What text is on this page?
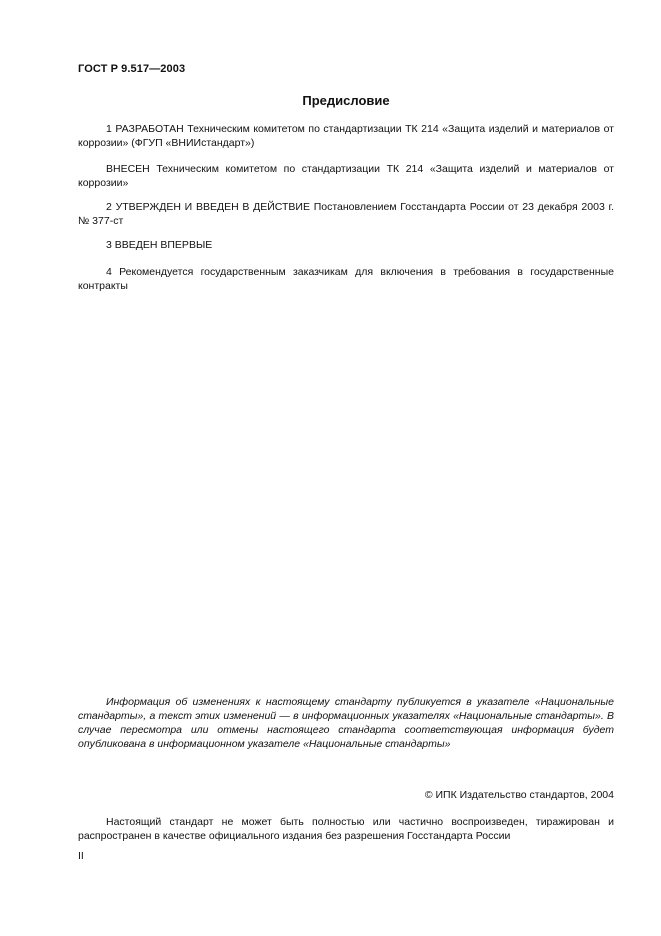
ГОСТ Р 9.517—2003
Предисловие

1 РАЗРАБОТАН Техническим комитетом по стандартизации ТК 214 «Защита изделий и материалов от коррозии» (ФГУП «ВНИИстандарт»)

ВНЕСЕН Техническим комитетом по стандартизации ТК 214 «Защита изделий и материалов от коррозии»

2 УТВЕРЖДЕН И ВВЕДЕН В ДЕЙСТВИЕ Постановлением Госстандарта России от 23 декабря 2003 г. № 377-ст

3 ВВЕДЕН ВПЕРВЫЕ

4 Рекомендуется государственным заказчикам для включения в требования в государственные контракты

Информация об изменениях к настоящему стандарту публикуется в указателе «Национальные стандарты», а текст этих изменений — в информационных указателях «Национальные стандарты». В случае пересмотра или отмены настоящего стандарта соответствующая информация будет опубликована в информационном указателе «Национальные стандарты»

© ИПК Издательство стандартов, 2004

Настоящий стандарт не может быть полностью или частично воспроизведен, тиражирован и распространен в качестве официального издания без разрешения Госстандарта России

II
